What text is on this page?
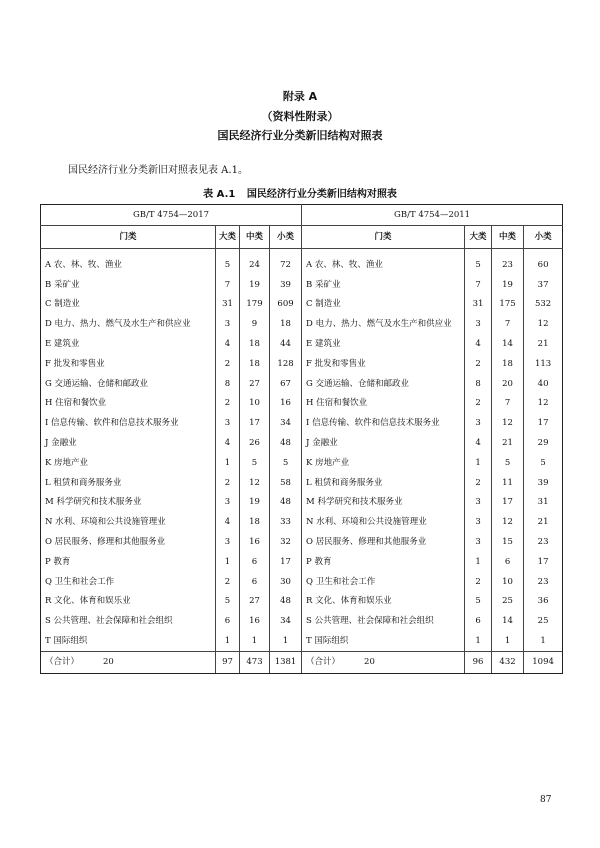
附录 A
（资料性附录）
国民经济行业分类新旧结构对照表
国民经济行业分类新旧对照表见表 A.1。
表 A.1 国民经济行业分类新旧结构对照表
GB/T 4754—2017				GB/T 4754—2011			
门类	大类	中类	小类	门类	大类	中类	小类
A 农、林、牧、渔业	5	24	72	A 农、林、牧、渔业	5	23	60
B 采矿业	7	19	39	B 采矿业	7	19	37
C 制造业	31	179	609	C 制造业	31	175	532
D 电力、热力、燃气及水生产和供应业	3	9	18	D 电力、热力、燃气及水生产和供应业	3	7	12
E 建筑业	4	18	44	E 建筑业	4	14	21
F 批发和零售业	2	18	128	F 批发和零售业	2	18	113
G 交通运输、仓储和邮政业	8	27	67	G 交通运输、仓储和邮政业	8	20	40
H 住宿和餐饮业	2	10	16	H 住宿和餐饮业	2	7	12
I 信息传输、软件和信息技术服务业	3	17	34	I 信息传输、软件和信息技术服务业	3	12	17
J 金融业	4	26	48	J 金融业	4	21	29
K 房地产业	1	5	5	K 房地产业	1	5	5
L 租赁和商务服务业	2	12	58	L 租赁和商务服务业	2	11	39
M 科学研究和技术服务业	3	19	48	M 科学研究和技术服务业	3	17	31
N 水利、环境和公共设施管理业	4	18	33	N 水利、环境和公共设施管理业	3	12	21
O 居民服务、修理和其他服务业	3	16	32	O 居民服务、修理和其他服务业	3	15	23
P 教育	1	6	17	P 教育	1	6	17
Q 卫生和社会工作	2	6	30	Q 卫生和社会工作	2	10	23
R 文化、体育和娱乐业	5	27	48	R 文化、体育和娱乐业	5	25	36
S 公共管理、社会保障和社会组织	6	16	34	S 公共管理、社会保障和社会组织	6	14	25
T 国际组织	1	1	1	T 国际组织	1	1	1
（合计） 20	97	473	1381	（合计） 20	96	432	1094
87
